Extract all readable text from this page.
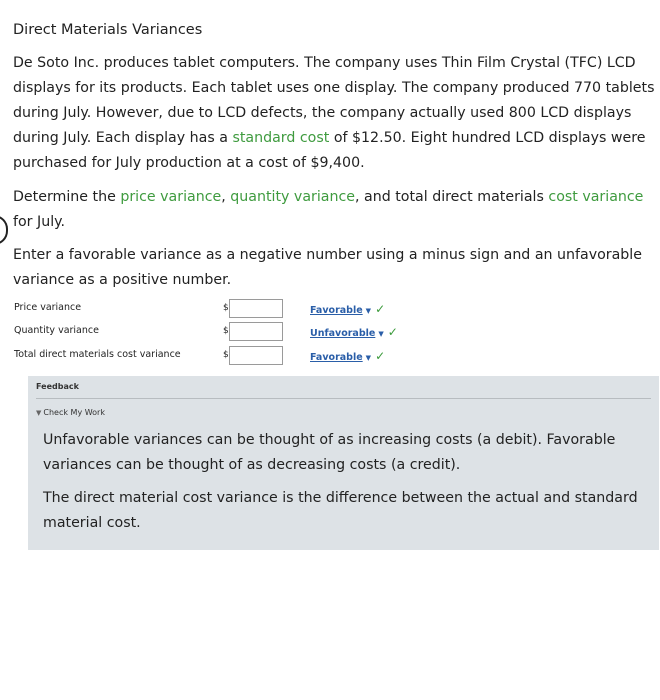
Direct Materials Variances
De Soto Inc. produces tablet computers. The company uses Thin Film Crystal (TFC) LCD displays for its products. Each tablet uses one display. The company produced 770 tablets during July. However, due to LCD defects, the company actually used 800 LCD displays during July. Each display has a standard cost of $12.50. Eight hundred LCD displays were purchased for July production at a cost of $9,400.
Determine the price variance, quantity variance, and total direct materials cost variance for July.
Enter a favorable variance as a negative number using a minus sign and an unfavorable variance as a positive number.
Price variance	$	Favorable ▼ ✓
Quantity variance	$	Unfavorable ▼ ✓
Total direct materials cost variance	$	Favorable ▼ ✓
Feedback
▼ Check My Work
Unfavorable variances can be thought of as increasing costs (a debit). Favorable variances can be thought of as decreasing costs (a credit).
The direct material cost variance is the difference between the actual and standard material cost.
